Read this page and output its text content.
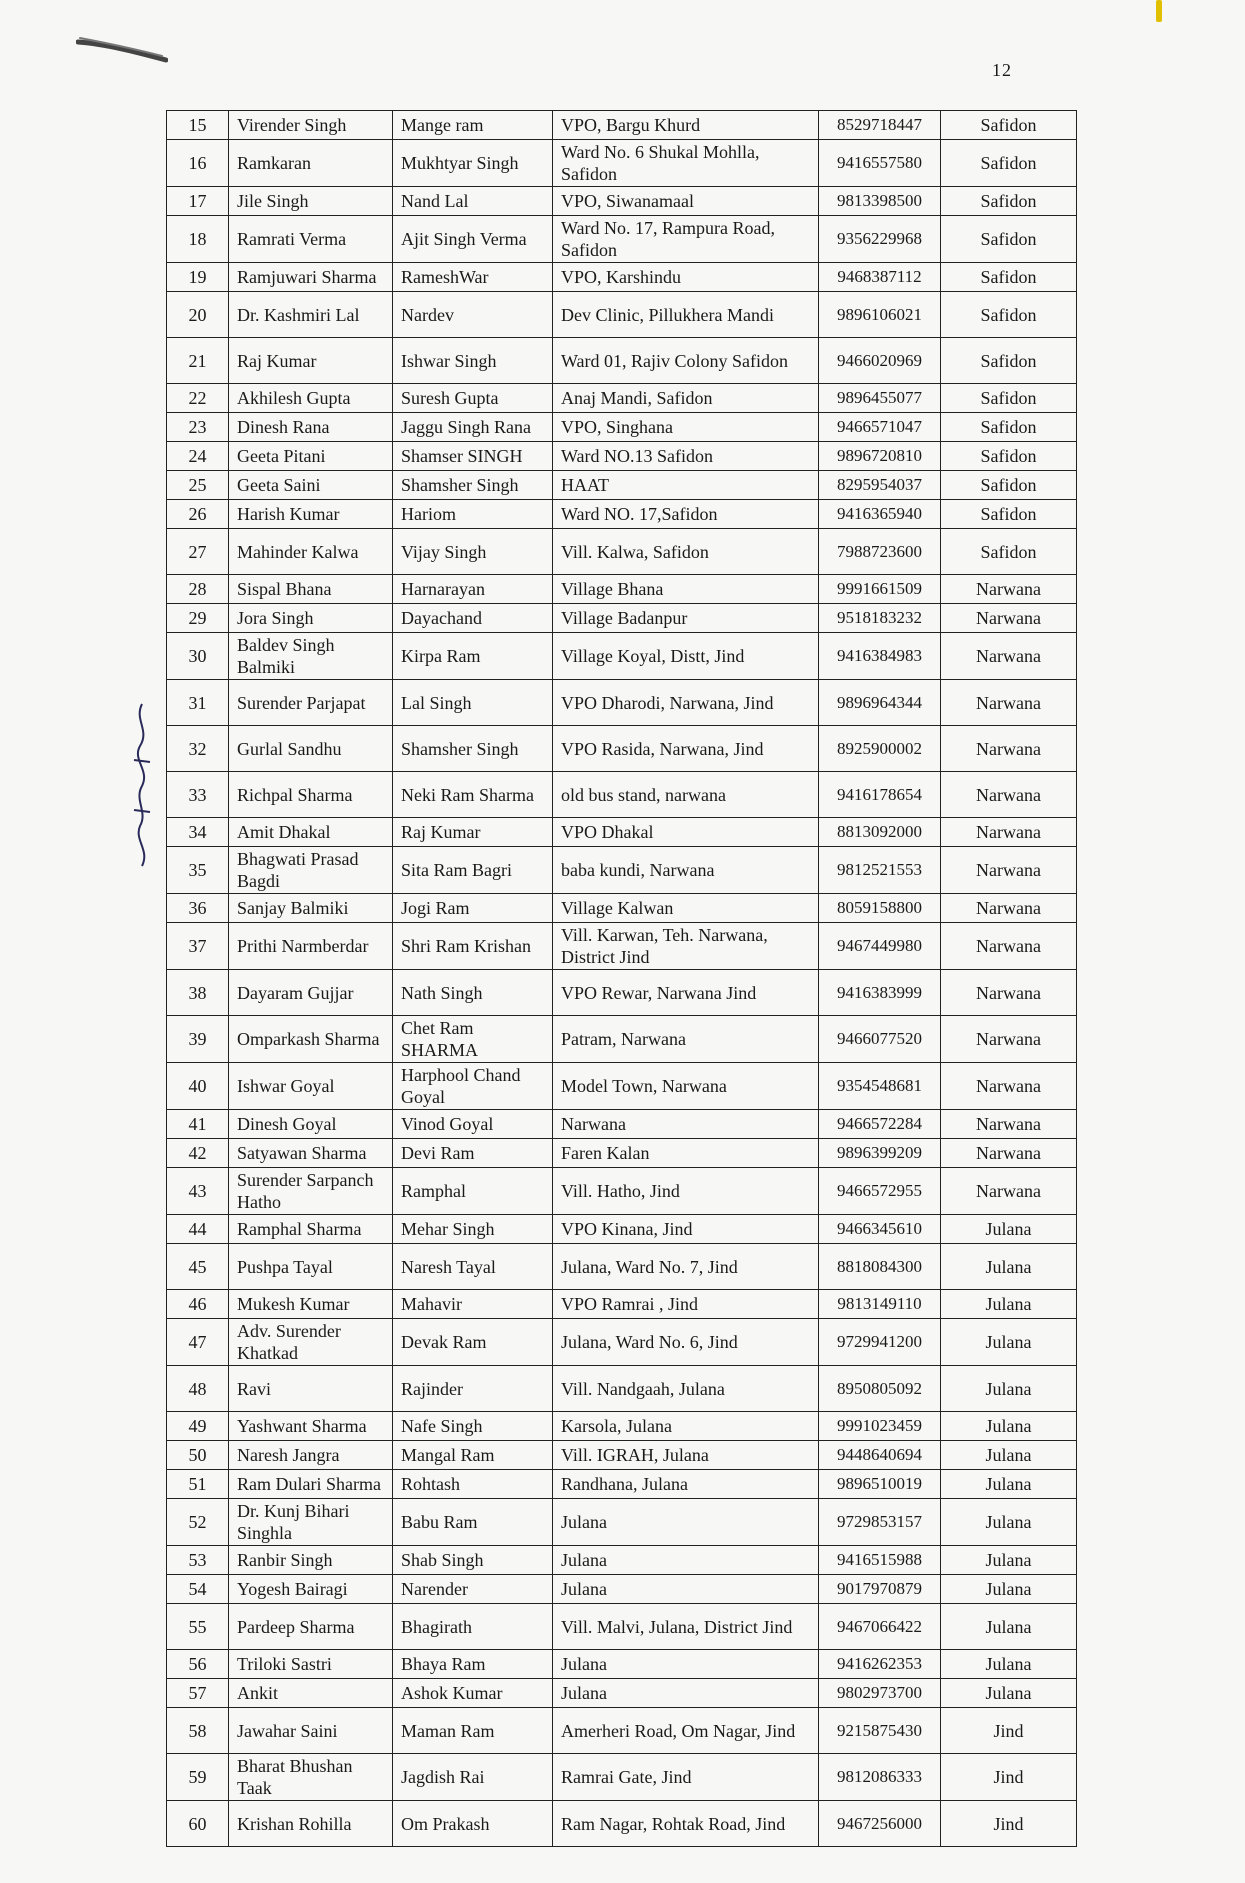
12
15	Virender Singh	Mange ram	VPO, Bargu Khurd	8529718447	Safidon
16	Ramkaran	Mukhtyar Singh	Ward No. 6 Shukal Mohlla, Safidon	9416557580	Safidon
17	Jile Singh	Nand Lal	VPO, Siwanamaal	9813398500	Safidon
18	Ramrati Verma	Ajit Singh Verma	Ward No. 17, Rampura Road, Safidon	9356229968	Safidon
19	Ramjuwari Sharma	RameshWar	VPO, Karshindu	9468387112	Safidon
20	Dr. Kashmiri Lal	Nardev	Dev Clinic, Pillukhera Mandi	9896106021	Safidon
21	Raj Kumar	Ishwar Singh	Ward 01, Rajiv Colony Safidon	9466020969	Safidon
22	Akhilesh Gupta	Suresh Gupta	Anaj Mandi, Safidon	9896455077	Safidon
23	Dinesh Rana	Jaggu Singh Rana	VPO, Singhana	9466571047	Safidon
24	Geeta Pitani	Shamser SINGH	Ward NO.13 Safidon	9896720810	Safidon
25	Geeta Saini	Shamsher Singh	HAAT	8295954037	Safidon
26	Harish Kumar	Hariom	Ward NO. 17,Safidon	9416365940	Safidon
27	Mahinder Kalwa	Vijay Singh	Vill. Kalwa, Safidon	7988723600	Safidon
28	Sispal Bhana	Harnarayan	Village Bhana	9991661509	Narwana
29	Jora Singh	Dayachand	Village Badanpur	9518183232	Narwana
30	Baldev Singh Balmiki	Kirpa Ram	Village Koyal, Distt, Jind	9416384983	Narwana
31	Surender Parjapat	Lal Singh	VPO Dharodi, Narwana, Jind	9896964344	Narwana
32	Gurlal Sandhu	Shamsher Singh	VPO Rasida, Narwana, Jind	8925900002	Narwana
33	Richpal Sharma	Neki Ram Sharma	old bus stand, narwana	9416178654	Narwana
34	Amit Dhakal	Raj Kumar	VPO Dhakal	8813092000	Narwana
35	Bhagwati Prasad Bagdi	Sita Ram Bagri	baba kundi, Narwana	9812521553	Narwana
36	Sanjay Balmiki	Jogi Ram	Village Kalwan	8059158800	Narwana
37	Prithi Narmberdar	Shri Ram Krishan	Vill. Karwan, Teh. Narwana, District Jind	9467449980	Narwana
38	Dayaram Gujjar	Nath Singh	VPO Rewar, Narwana Jind	9416383999	Narwana
39	Omparkash Sharma	Chet Ram SHARMA	Patram, Narwana	9466077520	Narwana
40	Ishwar Goyal	Harphool Chand Goyal	Model Town, Narwana	9354548681	Narwana
41	Dinesh Goyal	Vinod Goyal	Narwana	9466572284	Narwana
42	Satyawan Sharma	Devi Ram	Faren Kalan	9896399209	Narwana
43	Surender Sarpanch Hatho	Ramphal	Vill. Hatho, Jind	9466572955	Narwana
44	Ramphal Sharma	Mehar Singh	VPO Kinana, Jind	9466345610	Julana
45	Pushpa Tayal	Naresh Tayal	Julana, Ward No. 7, Jind	8818084300	Julana
46	Mukesh Kumar	Mahavir	VPO Ramrai , Jind	9813149110	Julana
47	Adv. Surender Khatkad	Devak Ram	Julana, Ward No. 6, Jind	9729941200	Julana
48	Ravi	Rajinder	Vill. Nandgaah, Julana	8950805092	Julana
49	Yashwant Sharma	Nafe Singh	Karsola, Julana	9991023459	Julana
50	Naresh Jangra	Mangal Ram	Vill. IGRAH, Julana	9448640694	Julana
51	Ram Dulari Sharma	Rohtash	Randhana, Julana	9896510019	Julana
52	Dr. Kunj Bihari Singhla	Babu Ram	Julana	9729853157	Julana
53	Ranbir Singh	Shab Singh	Julana	9416515988	Julana
54	Yogesh Bairagi	Narender	Julana	9017970879	Julana
55	Pardeep Sharma	Bhagirath	Vill. Malvi, Julana, District Jind	9467066422	Julana
56	Triloki Sastri	Bhaya Ram	Julana	9416262353	Julana
57	Ankit	Ashok Kumar	Julana	9802973700	Julana
58	Jawahar Saini	Maman Ram	Amerheri Road, Om Nagar, Jind	9215875430	Jind
59	Bharat Bhushan Taak	Jagdish Rai	Ramrai Gate, Jind	9812086333	Jind
60	Krishan Rohilla	Om Prakash	Ram Nagar, Rohtak Road, Jind	9467256000	Jind
